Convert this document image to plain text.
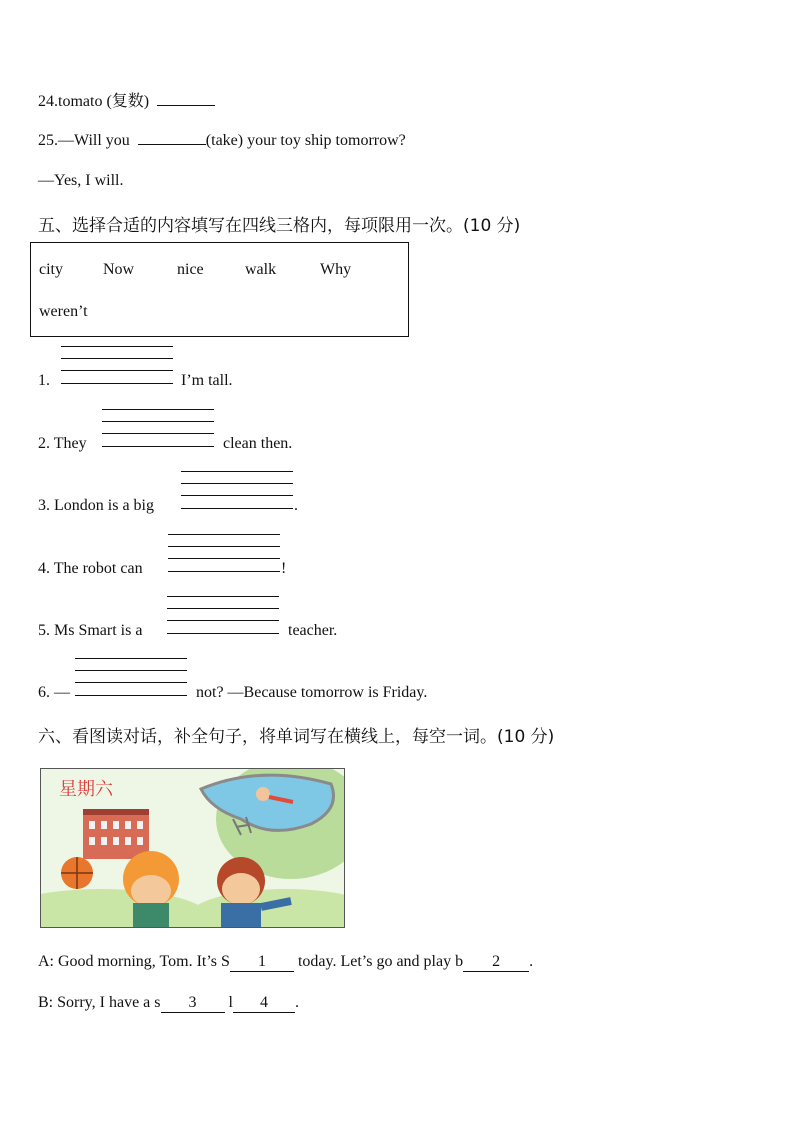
24.tomato (复数)
25.—Will you	(take) your toy ship tomorrow?
—Yes, I will.
五、选择合适的内容填写在四线三格内，每项限用一次。(10 分)
city	Now	nice	walk	Why
weren’t
1.	I’m tall.
2. They	clean then.
3. London is a big	.
4. The robot can	!
5. Ms Smart is a	teacher.
6. —	not? —Because tomorrow is Friday.
六、看图读对话，补全句子，将单词写在横线上，每空一词。(10 分)
星期六
A: Good morning, Tom. It’s S 1 today. Let’s go and play b 2 .
B: Sorry, I have a s 3 l 4 .
